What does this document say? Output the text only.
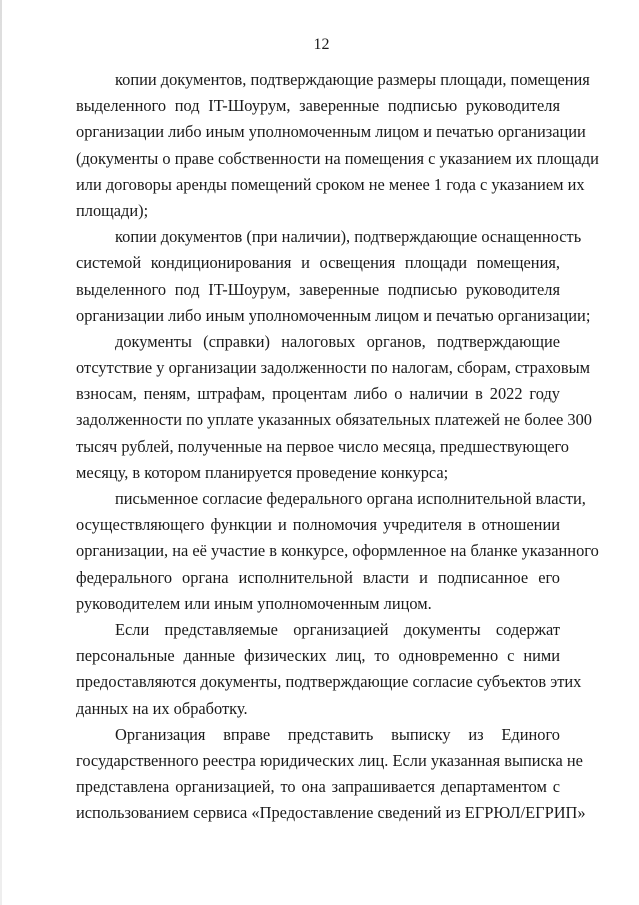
12
копии документов, подтверждающие размеры площади, помещения
выделенного под IT-Шоурум, заверенные подписью руководителя
организации либо иным уполномоченным лицом и печатью организации
(документы о праве собственности на помещения с указанием их площади
или договоры аренды помещений сроком не менее 1 года с указанием их
площади);
копии документов (при наличии), подтверждающие оснащенность
системой кондиционирования и освещения площади помещения,
выделенного под IT-Шоурум, заверенные подписью руководителя
организации либо иным уполномоченным лицом и печатью организации;
документы (справки) налоговых органов, подтверждающие
отсутствие у организации задолженности по налогам, сборам, страховым
взносам, пеням, штрафам, процентам либо о наличии в 2022 году
задолженности по уплате указанных обязательных платежей не более 300
тысяч рублей, полученные на первое число месяца, предшествующего
месяцу, в котором планируется проведение конкурса;
письменное согласие федерального органа исполнительной власти,
осуществляющего функции и полномочия учредителя в отношении
организации, на её участие в конкурсе, оформленное на бланке указанного
федерального органа исполнительной власти и подписанное его
руководителем или иным уполномоченным лицом.
Если представляемые организацией документы содержат
персональные данные физических лиц, то одновременно с ними
предоставляются документы, подтверждающие согласие субъектов этих
данных на их обработку.
Организация вправе представить выписку из Единого
государственного реестра юридических лиц. Если указанная выписка не
представлена организацией, то она запрашивается департаментом с
использованием сервиса «Предоставление сведений из ЕГРЮЛ/ЕГРИП»
